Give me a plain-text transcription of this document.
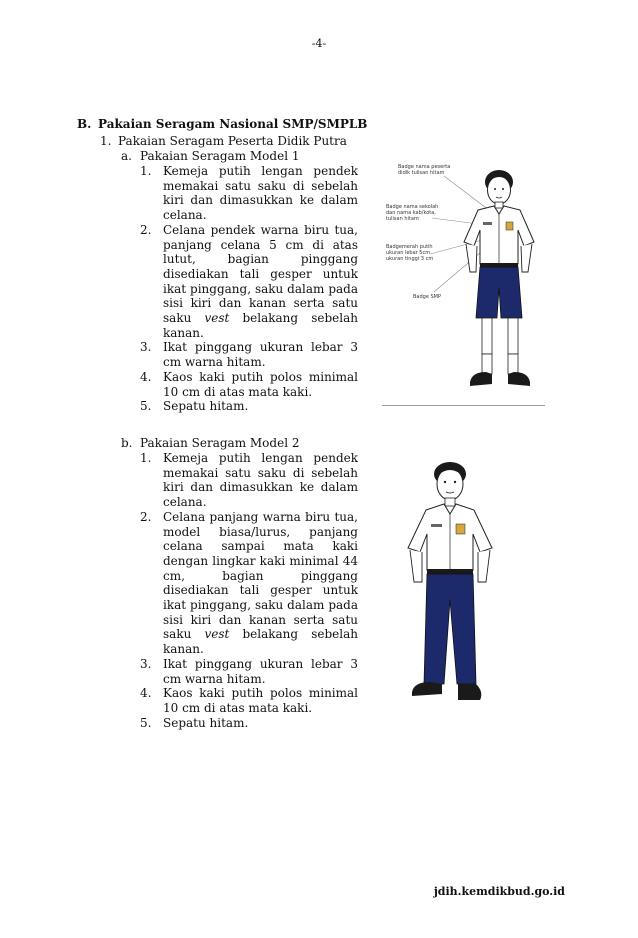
-4-
B. Pakaian Seragam Nasional SMP/SMPLB
1. Pakaian Seragam Peserta Didik Putra
a. Pakaian Seragam Model 1
1. Kemeja putih lengan pendek memakai satu saku di sebelah kiri dan dimasukkan ke dalam celana.
2. Celana pendek warna biru tua, panjang celana 5 cm di atas lutut, bagian pinggang disediakan tali gesper untuk ikat pinggang, saku dalam pada sisi kiri dan kanan serta satu saku vest belakang sebelah kanan.
3. Ikat pinggang ukuran lebar 3 cm warna hitam.
4. Kaos kaki putih polos minimal 10 cm di atas mata kaki.
5. Sepatu hitam.
b. Pakaian Seragam Model 2
1. Kemeja putih lengan pendek memakai satu saku di sebelah kiri dan dimasukkan ke dalam celana.
2. Celana panjang warna biru tua, model biasa/lurus, panjang celana sampai mata kaki dengan lingkar kaki minimal 44 cm, bagian pinggang disediakan tali gesper untuk ikat pinggang, saku dalam pada sisi kiri dan kanan serta satu saku vest belakang sebelah kanan.
3. Ikat pinggang ukuran lebar 3 cm warna hitam.
4. Kaos kaki putih polos minimal 10 cm di atas mata kaki.
5. Sepatu hitam.
Badge nama peserta
didik tulisan hitam
Badge nama sekolah
dan nama kab/kota,
tulisan hitam
Badgemerah putih
ukuran lebar 5cm
ukuran tinggi 3 cm
Badge SMP
jdih.kemdikbud.go.id
